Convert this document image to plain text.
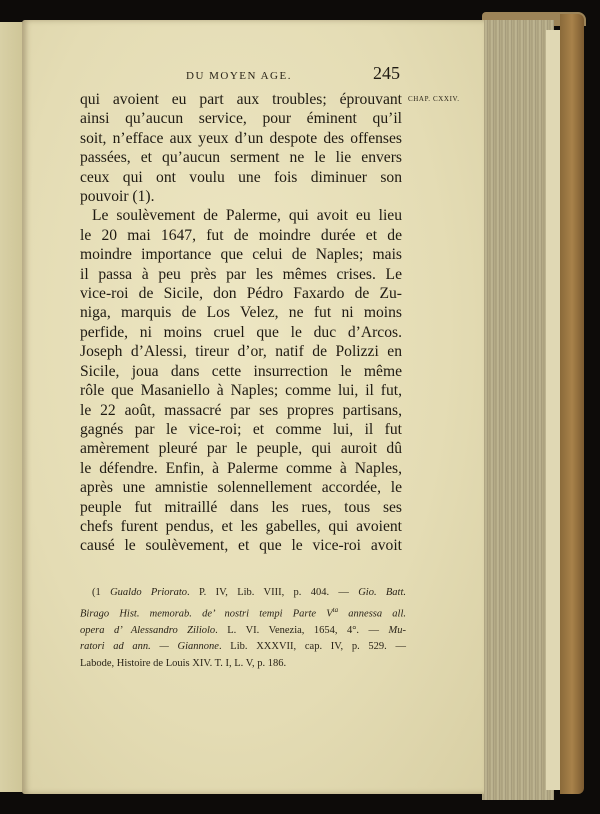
DU MOYEN AGE.	245
CHAP. CXXIV.
qui avoient eu part aux troubles; éprouvant
ainsi qu’aucun service, pour éminent qu’il
soit, n’efface aux yeux d’un despote des offenses
passées, et qu’aucun serment ne le lie envers
ceux qui ont voulu une fois diminuer son
pouvoir (1).
Le soulèvement de Palerme, qui avoit eu lieu
le 20 mai 1647, fut de moindre durée et de
moindre importance que celui de Naples; mais
il passa à peu près par les mêmes crises. Le
vice-roi de Sicile, don Pédro Faxardo de Zu-
niga, marquis de Los Velez, ne fut ni moins
perfide, ni moins cruel que le duc d’Arcos.
Joseph d’Alessi, tireur d’or, natif de Polizzi en
Sicile, joua dans cette insurrection le même
rôle que Masaniello à Naples; comme lui, il fut,
le 22 août, massacré par ses propres partisans,
gagnés par le vice-roi; et comme lui, il fut
amèrement pleuré par le peuple, qui auroit dû
le défendre. Enfin, à Palerme comme à Naples,
après une amnistie solennellement accordée, le
peuple fut mitraillé dans les rues, tous ses
chefs furent pendus, et les gabelles, qui avoient
causé le soulèvement, et que le vice-roi avoit
(1 Gualdo Priorato. P. IV, Lib. VIII, p. 404. — Gio. Batt.
Birago Hist. memorab. de’ nostri tempi Parte $V^{ta}$ annessa all.
opera d’ Alessandro Ziliolo. L. VI. Venezia, 1654, 4°. — Mu-
ratori ad ann. — Giannone. Lib. XXXVII, cap. IV, p. 529. —
Labode, Histoire de Louis XIV. T. I, L. V, p. 186.
